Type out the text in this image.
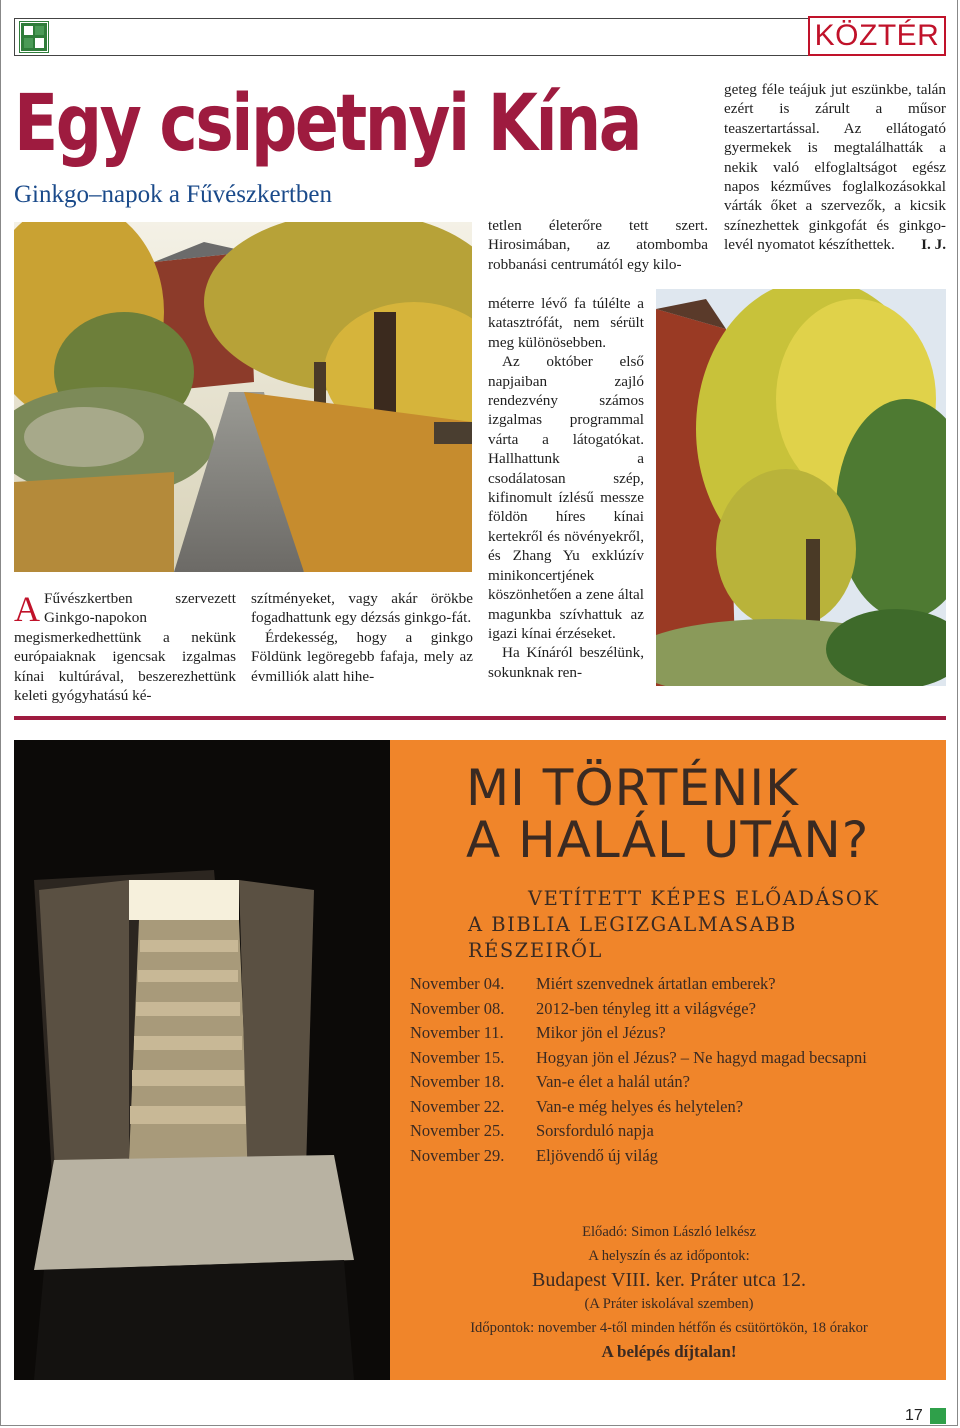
KÖZTÉR
Egy csipetnyi Kína
Ginkgo–napok a Fűvészkertben
A Fűvészkertben szervezett Ginkgo-napokon megismerkedhettünk a nekünk európaiaknak igencsak izgalmas kínai kultúrával, beszerezhettünk keleti gyógyhatású ké-

szítményeket, vagy akár örökbe fogadhattunk egy dézsás ginkgo-fát.

Érdekesség, hogy a ginkgo Földünk legöregebb fafaja, mely az évmilliók alatt hihe-

tetlen életerőre tett szert. Hirosimában, az atombomba robbanási centrumától egy kilo-

méterre lévő fa túlélte a katasztrófát, nem sérült meg különösebben.

Az október első napjaiban zajló rendezvény számos izgalmas programmal várta a látogatókat. Hallhattunk a csodálatosan szép, kifinomult ízlésű messze földön híres kínai kertekről és növényekről, és Zhang Yu exklúzív minikoncertjének köszönhetően a zene által magunkba szívhattuk az igazi kínai érzéseket.

Ha Kínáról beszélünk, sokunknak ren-

geteg féle teájuk jut eszünkbe, talán ezért is zárult a műsor teaszertartással. Az ellátogató gyermekek is megtalálhatták a nekik való elfoglaltságot egész napos kézműves foglalkozásokkal várták őket a szervezők, a kicsik színezhettek ginkgofát és ginkgo-levél nyomatot készíthettek. I. J.
MI TÖRTÉNIK
A HALÁL UTÁN?
VETÍTETT KÉPES ELŐADÁSOK
A BIBLIA LEGIZGALMASABB RÉSZEIRŐL
November 04. Miért szenvednek ártatlan emberek?
November 08. 2012-ben tényleg itt a világvége?
November 11. Mikor jön el Jézus?
November 15. Hogyan jön el Jézus? – Ne hagyd magad becsapni
November 18. Van-e élet a halál után?
November 22. Van-e még helyes és helytelen?
November 25. Sorsforduló napja
November 29. Eljövendő új világ
Előadó: Simon László lelkész
A helyszín és az időpontok:
Budapest VIII. ker. Práter utca 12.
(A Práter iskolával szemben)
Időpontok: november 4-től minden hétfőn és csütörtökön, 18 órakor
A belépés díjtalan!
17
